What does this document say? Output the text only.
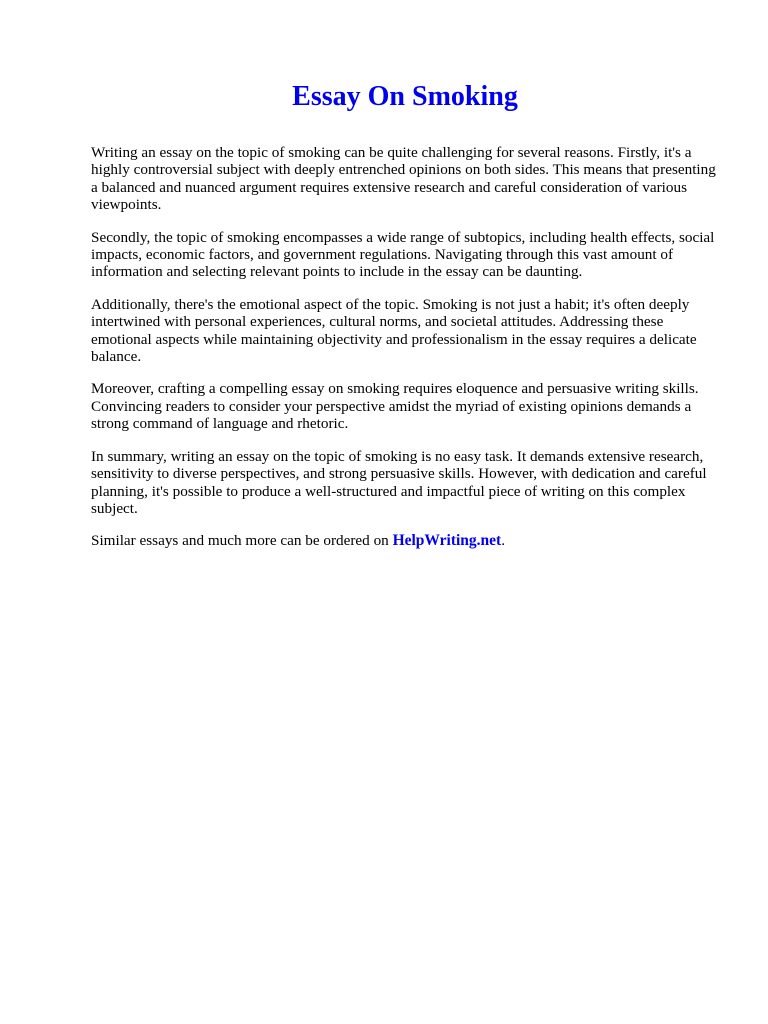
Essay On Smoking

Writing an essay on the topic of smoking can be quite challenging for several reasons. Firstly, it's a highly controversial subject with deeply entrenched opinions on both sides. This means that presenting a balanced and nuanced argument requires extensive research and careful consideration of various viewpoints.

Secondly, the topic of smoking encompasses a wide range of subtopics, including health effects, social impacts, economic factors, and government regulations. Navigating through this vast amount of information and selecting relevant points to include in the essay can be daunting.

Additionally, there's the emotional aspect of the topic. Smoking is not just a habit; it's often deeply intertwined with personal experiences, cultural norms, and societal attitudes. Addressing these emotional aspects while maintaining objectivity and professionalism in the essay requires a delicate balance.

Moreover, crafting a compelling essay on smoking requires eloquence and persuasive writing skills. Convincing readers to consider your perspective amidst the myriad of existing opinions demands a strong command of language and rhetoric.

In summary, writing an essay on the topic of smoking is no easy task. It demands extensive research, sensitivity to diverse perspectives, and strong persuasive skills. However, with dedication and careful planning, it's possible to produce a well-structured and impactful piece of writing on this complex subject.

Similar essays and much more can be ordered on HelpWriting.net.
